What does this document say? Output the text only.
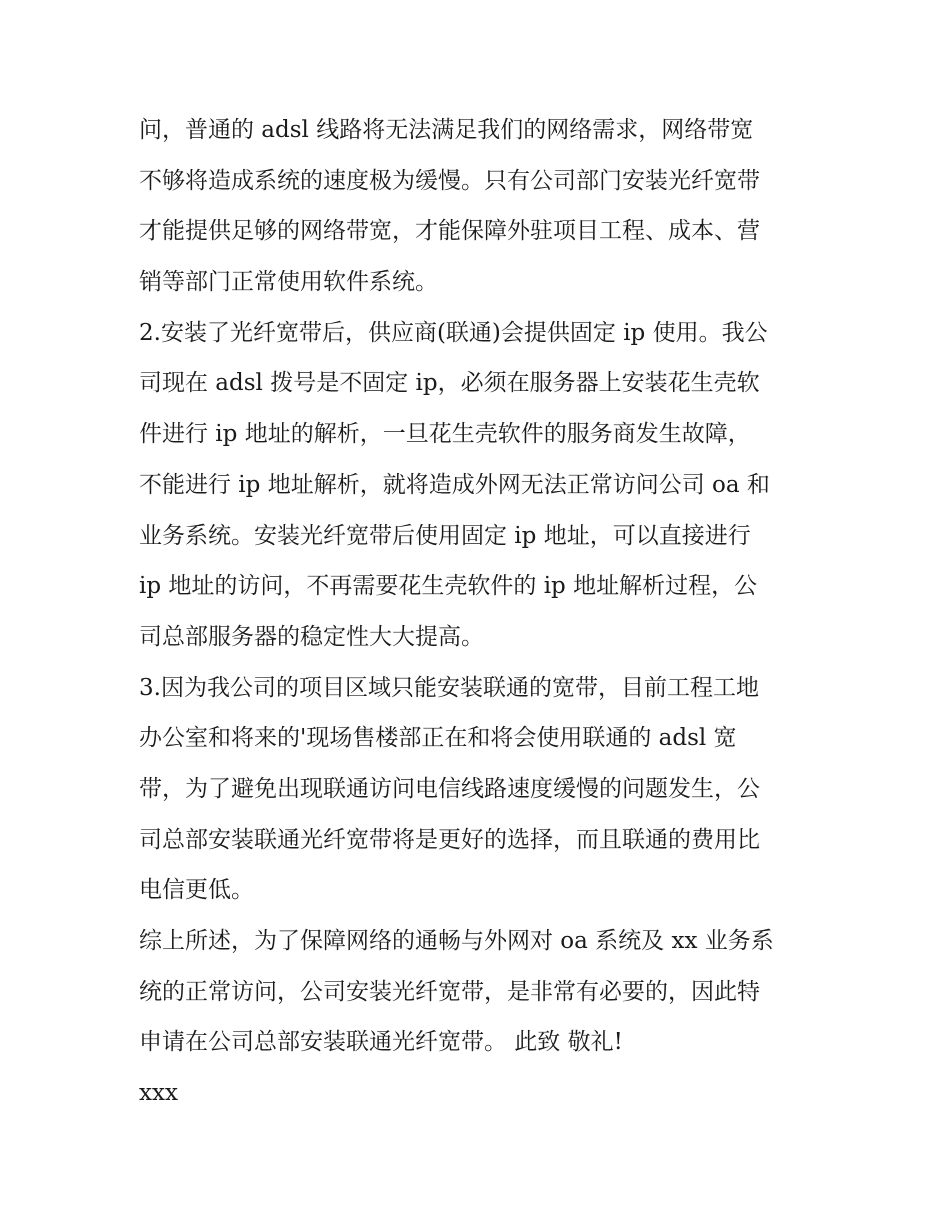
问，普通的 adsl 线路将无法满足我们的网络需求，网络带宽
不够将造成系统的速度极为缓慢。只有公司部门安装光纤宽带
才能提供足够的网络带宽，才能保障外驻项目工程、成本、营
销等部门正常使用软件系统。
2.安装了光纤宽带后，供应商(联通)会提供固定 ip 使用。我公
司现在 adsl 拨号是不固定 ip，必须在服务器上安装花生壳软
件进行 ip 地址的解析，一旦花生壳软件的服务商发生故障，
不能进行 ip 地址解析，就将造成外网无法正常访问公司 oa 和
业务系统。安装光纤宽带后使用固定 ip 地址，可以直接进行
ip 地址的访问，不再需要花生壳软件的 ip 地址解析过程，公
司总部服务器的稳定性大大提高。
3.因为我公司的项目区域只能安装联通的宽带，目前工程工地
办公室和将来的'现场售楼部正在和将会使用联通的 adsl 宽
带，为了避免出现联通访问电信线路速度缓慢的问题发生，公
司总部安装联通光纤宽带将是更好的选择，而且联通的费用比
电信更低。
综上所述，为了保障网络的通畅与外网对 oa 系统及 xx 业务系
统的正常访问，公司安装光纤宽带，是非常有必要的，因此特
申请在公司总部安装联通光纤宽带。 此致 敬礼!
xxx
